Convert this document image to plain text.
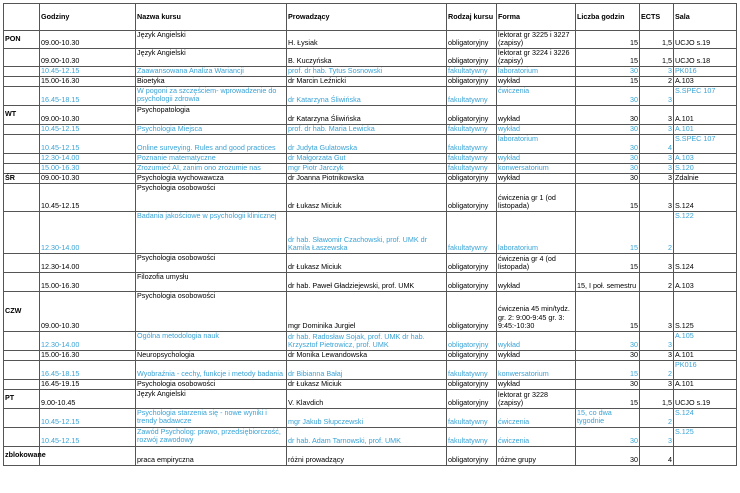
	Godziny	Nazwa kursu	Prowadzący	Rodzaj kursu	Forma	Liczba godzin	ECTS	Sala
PON	09.00-10.30	Język Angielski	H. Łysiak	obligatoryjny	lektorat gr 3225 i 3227 (zapisy)	15	1,5	UCJO s.19
	09.00-10.30	Język Angielski	B. Kuczyńska	obligatoryjny	lektorat gr 3224 i 3226 (zapisy)	15	1,5	UCJO s.18
	10.45-12.15	Zaawansowana Analiza Wariancji	prof. dr hab. Tytus Sosnowski	fakultatywny	laboratorium	30	3	PK016
	15.00-16.30	Bioetyka	dr Marcin Leźnicki	obligatoryjny	wykład	15	2	A.103
	16.45-18.15	W pogoni za szczęściem- wprowadzenie do psychologii zdrowia	dr Katarzyna Śliwińska	fakultatywny	ćwiczenia	30	3	S.SPEC 107
WT	09.00-10.30	Psychopatologia	dr Katarzyna Śliwińska	obligatoryjny	wykład	30	3	A.101
	10.45-12.15	Psychologia Miejsca	prof. dr hab. Maria Lewicka	fakultatywny	wykład	30	3	A.101
	10.45-12.15	Online surveying. Rules and good practices	dr Judyta Gulatowska	fakultatywny	laboratorium	30	4	S.SPEC 107
	12.30-14.00	Poznanie matematyczne	dr Małgorzata Gut	fakultatywny	wykład	30	3	A.103
	15.00-16.30	Zrozumieć AI, zanim ono zrozumie nas	mgr Piotr Jarczyk	fakultatywny	konwersatorium	30	3	S.120
ŚR	09.00-10.30	Psychologia wychowawcza	dr Joanna Piotnikowska	obligatoryjny	wykład	30	3	Zdalnie
	10.45-12.15	Psychologia osobowości	dr Łukasz Miciuk	obligatoryjny	ćwiczenia gr 1 (od listopada)	15	3	S.124
	12.30-14.00	Badania jakościowe w psychologii klinicznej	dr hab. Sławomir Czachowski, prof. UMK dr Kamila Łaszewska	fakultatywny	laboratorium	15	2	S.122
	12.30-14.00	Psychologia osobowości	dr Łukasz Miciuk	obligatoryjny	ćwiczenia gr 4 (od listopada)	15	3	S.124
	15.00-16.30	Filozofia umysłu	dr hab. Paweł Gładziejewski, prof. UMK	obligatoryjny	wykład	15, I poł. semestru	2	A.103
CZW	09.00-10.30	Psychologia osobowości	mgr Dominika Jurgiel	obligatoryjny	ćwiczenia 45 min/tydz. gr. 2: 9:00-9:45 gr. 3: 9:45:-10:30	15	3	S.125
	12.30-14.00	Ogólna metodologia nauk	dr hab. Radosław Sojak, prof. UMK dr hab. Krzysztof Pietrowicz, prof. UMK	obligatoryjny	wykład	30	3	A.105
	15.00-16.30	Neuropsychologia	dr Monika Lewandowska	obligatoryjny	wykład	30	3	A.101
	16.45-18.15	Wyobraźnia - cechy, funkcje i metody badania	dr Bibianna Bałaj	fakultatywny	konwersatorium	15	2	PK016
	16.45-19.15	Psychologia osobowości	dr Łukasz Miciuk	obligatoryjny	wykład	30	3	A.101
PT	9.00-10.45	Język Angielski	V. Klavdich	obligatoryjny	lektorat gr 3228 (zapisy)	15	1,5	UCJO s.19
	10.45-12.15	Psychologia starzenia się - nowe wyniki i trendy badawcze	mgr Jakub Słupczewski	fakultatywny	ćwiczenia	15, co dwa tygodnie	2	S.124
	10.45-12.15	Zawód Psycholog: prawo, przedsiębiorczość, rozwój zawodowy	dr hab. Adam Tarnowski, prof. UMK	fakultatywny	ćwiczenia	30	3	S.125
zblokowane		praca empiryczna	różni prowadzący	obligatoryjny	różne grupy	30	4	
